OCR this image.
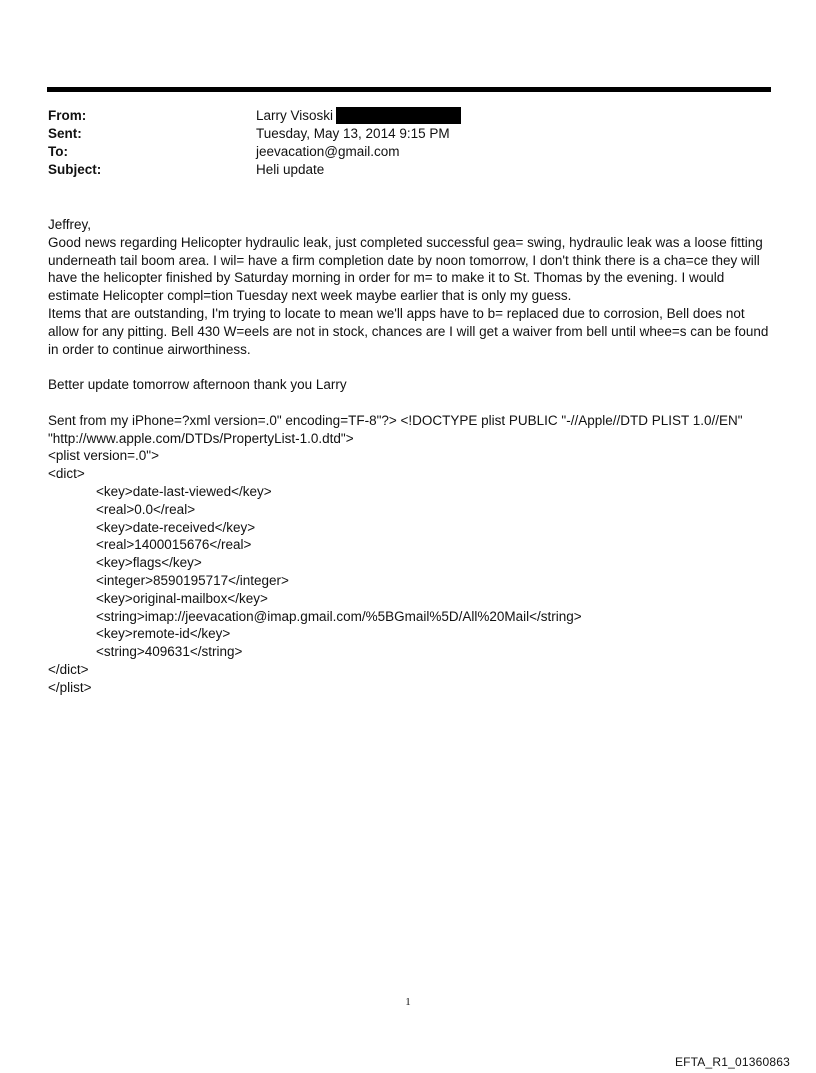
From:	Larry Visoski
Sent:	Tuesday, May 13, 2014 9:15 PM
To:	jeevacation@gmail.com
Subject:	Heli update

Jeffrey,

Good news regarding Helicopter hydraulic leak, just completed successful gea= swing, hydraulic leak was a loose fitting underneath tail boom area. I wil= have a firm completion date by noon tomorrow, I don't think there is a cha=ce they will have the helicopter finished by Saturday morning in order for m= to make it to St. Thomas by the evening. I would estimate Helicopter compl=tion Tuesday next week maybe earlier that is only my guess.

Items that are outstanding, I'm trying to locate to mean we'll apps have to b= replaced due to corrosion, Bell does not allow for any pitting. Bell 430 W=eels are not in stock, chances are I will get a waiver from bell until whee=s can be found in order to continue airworthiness.

Better update tomorrow afternoon thank you Larry

Sent from my iPhone=?xml version=.0" encoding=TF-8"?> <!DOCTYPE plist PUBLIC "-//Apple//DTD PLIST 1.0//EN"

"http://www.apple.com/DTDs/PropertyList-1.0.dtd">

<plist version=.0">

<dict>

<key>date-last-viewed</key>

<real>0.0</real>

<key>date-received</key>

<real>1400015676</real>

<key>flags</key>

<integer>8590195717</integer>

<key>original-mailbox</key>

<string>imap://jeevacation@imap.gmail.com/%5BGmail%5D/All%20Mail</string>

<key>remote-id</key>

<string>409631</string>

</dict>

</plist>

1
EFTA_R1_01360863
